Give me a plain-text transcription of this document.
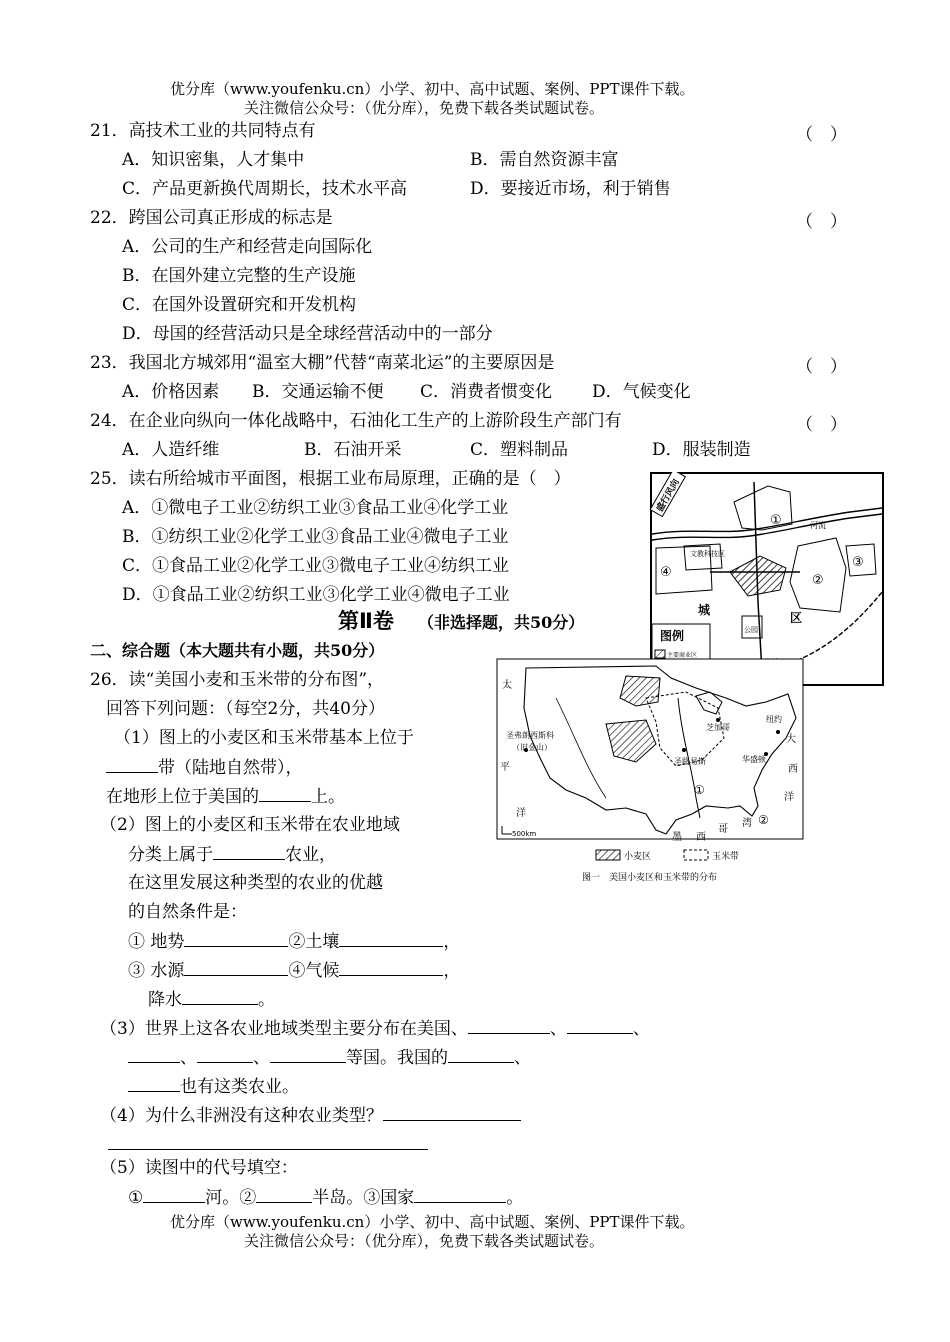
优分库（www.youfenku.cn）小学、初中、高中试题、案例、PPT课件下载。
关注微信公众号：（优分库），免费下载各类试题试卷。
21．高技术工业的共同特点有	（　）
A．知识密集，人才集中	B．需自然资源丰富
C．产品更新换代周期长，技术水平高	D．要接近市场，利于销售
22．跨国公司真正形成的标志是	（　）
A．公司的生产和经营走向国际化
B．在国外建立完整的生产设施
C．在国外设置研究和开发机构
D．母国的经营活动只是全球经营活动中的一部分
23．我国北方城郊用“温室大棚”代替“南菜北运”的主要原因是	（　）
A．价格因素 B．交通运输不便 C．消费者惯变化 D．气候变化
24．在企业向纵向一体化战略中，石油化工生产的上游阶段生产部门有	（　）
A．人造纤维	B．石油开采	C．塑料制品	D．服装制造
25．读右所给城市平面图，根据工业布局原理，正确的是（　）
A．①微电子工业②纺织工业③食品工业④化学工业
B．①纺织工业②化学工业③食品工业④微电子工业
C．①食品工业②化学工业③微电子工业④纺织工业
D．①食品工业②纺织工业③化学工业④微电子工业
盛行风向
河流
①
④
文教科技区
②
③
城
区
公园
图例
主要商业区
第Ⅱ卷 （非选择题，共50分）
二、综合题（本大题共有小题，共50分）
26．读“美国小麦和玉米带的分布图”，
回答下列问题：（每空2分，共40分）
（1）图上的小麦区和玉米带基本上位于
带（陆地自然带），
在地形上位于美国的	上。
（2）图上的小麦区和玉米带在农业地域
分类上属于	农业，
在这里发展这种类型的农业的优越
的自然条件是：
① 地势	②土壤	，
③ 水源	④气候	，
降水	。
（3）世界上这各农业地域类型主要分布在美国、	、	、
、	、	等国。我国的	、
也有这类农业。
（4）为什么非洲没有这种农业类型？
（5）读图中的代号填空：
①	河。②	半岛。③国家	。
太
平
洋
圣弗朗西斯科
（旧金山）
芝加哥
圣路易斯
纽约
华盛顿
大
西
洋
墨 西
哥
湾
①
②
500km
小麦区	玉米带
图一　美国小麦区和玉米带的分布
优分库（www.youfenku.cn）小学、初中、高中试题、案例、PPT课件下载。
关注微信公众号：（优分库），免费下载各类试题试卷。
